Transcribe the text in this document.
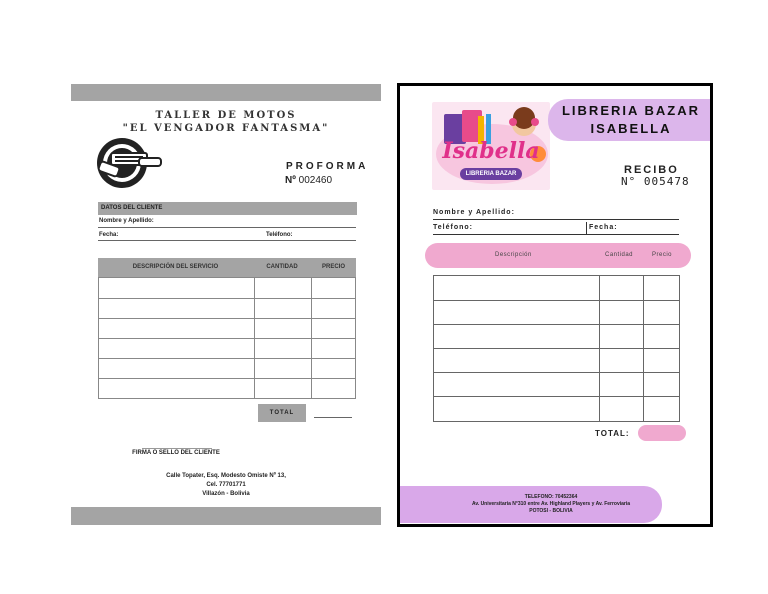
TALLER DE MOTOS
"EL VENGADOR FANTASMA"
PROFORMA
Nº 002460
DATOS DEL CLIENTE
Nombre y Apellido:
Fecha:	Teléfono:
DESCRIPCIÓN DEL SERVICIO	CANTIDAD	PRECIO
TOTAL
FIRMA O SELLO DEL CLIENTE
Calle Topater, Esq. Modesto Omiste Nº 13,
Cel. 77701771
Villazón - Bolivia
Isabella
LIBRERIA BAZAR
LIBRERIA BAZAR
ISABELLA
RECIBO
N° 005478
Nombre y Apellido:
Teléfono:	Fecha:
Descripción	Cantidad	Precio
TOTAL:
TELEFONO: 70452364
Av. Universitaria N°310 entre Av. Highland Players y Av. Ferroviaria
POTOSI - BOLIVIA
